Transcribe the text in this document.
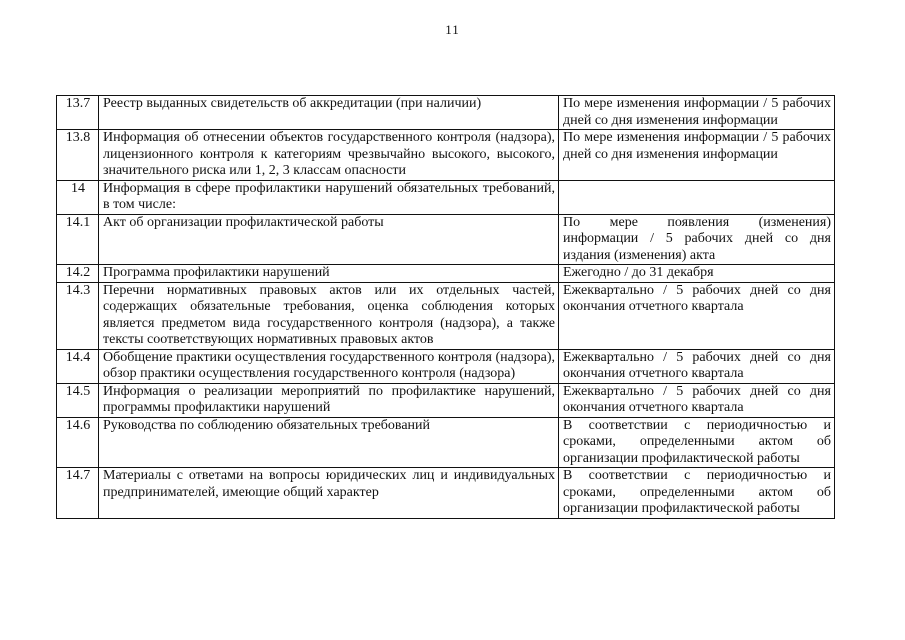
11
13.7	Реестр выданных свидетельств об аккредитации (при наличии)	По мере изменения информации / 5 рабочих дней со дня изменения информации
13.8	Информация об отнесении объектов государственного контроля (надзора), лицензионного контроля к категориям чрезвычайно высокого, высокого, значительного риска или 1, 2, 3 классам опасности	По мере изменения информации / 5 рабочих дней со дня изменения информации
14	Информация в сфере профилактики нарушений обязательных требований, в том числе:	
14.1	Акт об организации профилактической работы	По мере появления (изменения) информации / 5 рабочих дней со дня издания (изменения) акта
14.2	Программа профилактики нарушений	Ежегодно / до 31 декабря
14.3	Перечни нормативных правовых актов или их отдельных частей, содержащих обязательные требования, оценка соблюдения которых является предметом вида государственного контроля (надзора), а также тексты соответствующих нормативных правовых актов	Ежеквартально / 5 рабочих дней со дня окончания отчетного квартала
14.4	Обобщение практики осуществления государственного контроля (надзора), обзор практики осуществления государственного контроля (надзора)	Ежеквартально / 5 рабочих дней со дня окончания отчетного квартала
14.5	Информация о реализации мероприятий по профилактике нарушений, программы профилактики нарушений	Ежеквартально / 5 рабочих дней со дня окончания отчетного квартала
14.6	Руководства по соблюдению обязательных требований	В соответствии с периодичностью и сроками, определенными актом об организации профилактической работы
14.7	Материалы с ответами на вопросы юридических лиц и индивидуальных предпринимателей, имеющие общий характер	В соответствии с периодичностью и сроками, определенными актом об организации профилактической работы
